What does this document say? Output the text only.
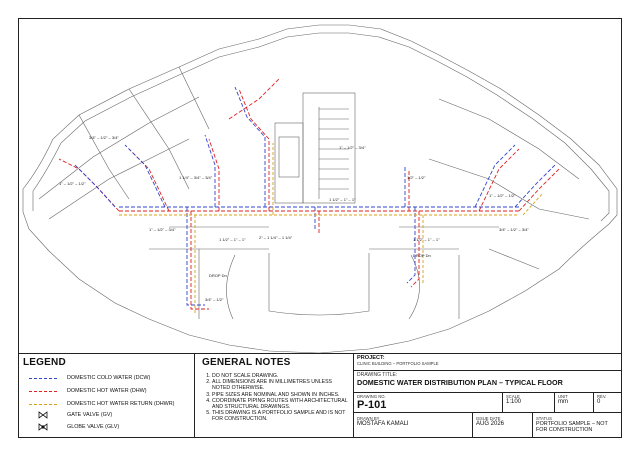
3/4" – 1/2" – 3/4"
1" – 1/2" – 1/2"
1 1/4" – 3/4" – 3/4"
1 1/2" – 1" – 1"
1 1/2" – 1" – 1"
1" – 1/2" – 3/4"
1/2" – 1/2"
1 1/2" – 1" – 1"
3/4" – 1/2" – 3/4"
1" – 1/2" – 1/2"
2" – 1 1/4" – 1 1/4"
3/4" – 1/2"
DROP Dn
DROP Dn
1" – 1/2" – 3/4"
LEGEND
DOMESTIC COLD WATER (DCW)
DOMESTIC HOT WATER (DHW)
DOMESTIC HOT WATER RETURN (DHWR)
GATE VALVE (GV)
GLOBE VALVE (GLV)
GENERAL NOTES
1. DO NOT SCALE DRAWING.
2. ALL DIMENSIONS ARE IN MILLIMETRES UNLESS NOTED OTHERWISE.
3. PIPE SIZES ARE NOMINAL AND SHOWN IN INCHES.
4. COORDINATE PIPING ROUTES WITH ARCHITECTURAL AND STRUCTURAL DRAWINGS.
5. THIS DRAWING IS A PORTFOLIO SAMPLE AND IS NOT FOR CONSTRUCTION.
PROJECT:
CLINIC BUILDING – PORTFOLIO SAMPLE
DRAWING TITLE:
DOMESTIC WATER DISTRIBUTION PLAN – TYPICAL FLOOR
DRAWING NO.
P-101
SCALE
1:100
UNIT
mm
REV.
0
DRAWN BY
MOSTAFA KAMALI
ISSUE DATE
AUG 2026
STATUS
PORTFOLIO SAMPLE – NOT FOR CONSTRUCTION
